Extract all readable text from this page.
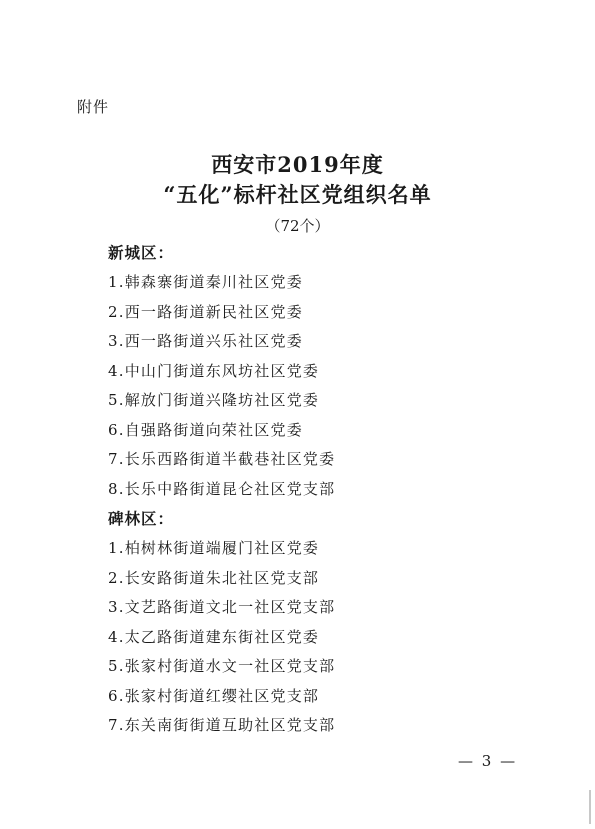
附件
西安市2019年度
“五化”标杆社区党组织名单
（72个）
新城区：
1.韩森寨街道秦川社区党委
2.西一路街道新民社区党委
3.西一路街道兴乐社区党委
4.中山门街道东风坊社区党委
5.解放门街道兴隆坊社区党委
6.自强路街道向荣社区党委
7.长乐西路街道半截巷社区党委
8.长乐中路街道昆仑社区党支部
碑林区：
1.柏树林街道端履门社区党委
2.长安路街道朱北社区党支部
3.文艺路街道文北一社区党支部
4.太乙路街道建东街社区党委
5.张家村街道水文一社区党支部
6.张家村街道红缨社区党支部
7.东关南街街道互助社区党支部
— 3 —
